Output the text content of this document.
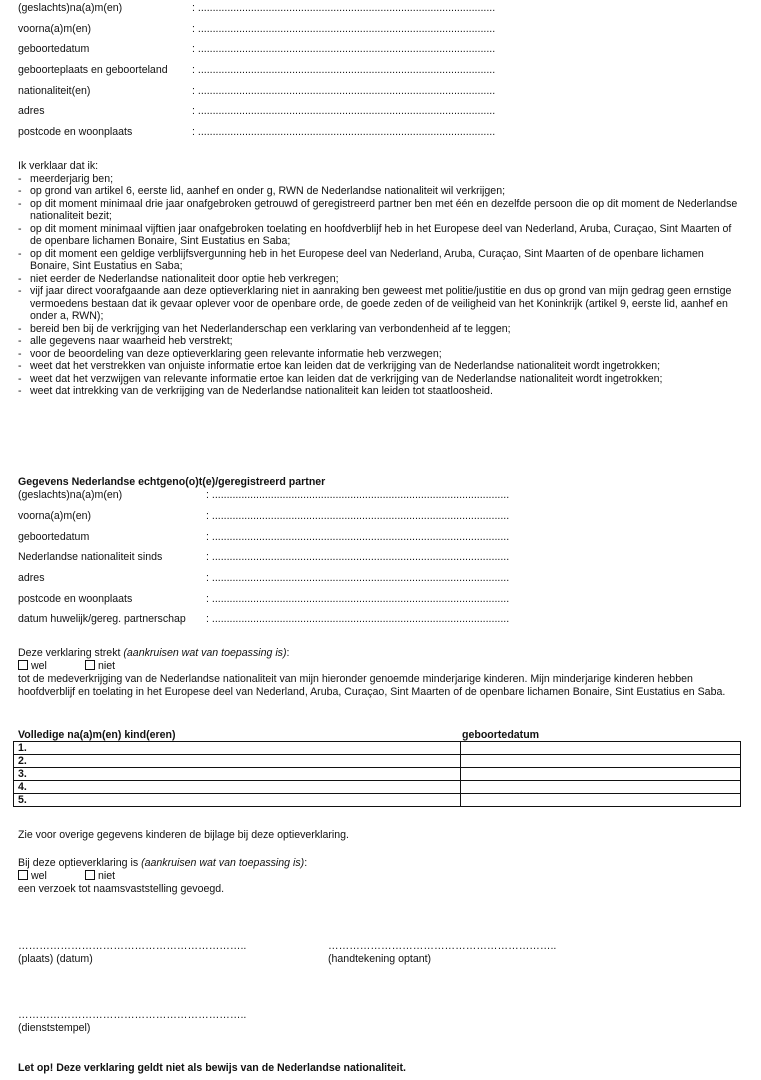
(geslachts)na(a)m(en)	: .....................................................................................................
voorna(a)m(en)	: .....................................................................................................
geboortedatum	: .....................................................................................................
geboorteplaats en geboorteland : .....................................................................................................
nationaliteit(en)	: .....................................................................................................
adres	: .....................................................................................................
postcode en woonplaats	: .....................................................................................................
Ik verklaar dat ik:
- meerderjarig ben;
- op grond van artikel 6, eerste lid, aanhef en onder g, RWN de Nederlandse nationaliteit wil verkrijgen;
- op dit moment minimaal drie jaar onafgebroken getrouwd of geregistreerd partner ben met één en dezelfde persoon die op dit moment de Nederlandse nationaliteit bezit;
- op dit moment minimaal vijftien jaar onafgebroken toelating en hoofdverblijf heb in het Europese deel van Nederland, Aruba, Curaçao, Sint Maarten of de openbare lichamen Bonaire, Sint Eustatius en Saba;
- op dit moment een geldige verblijfsvergunning heb in het Europese deel van Nederland, Aruba, Curaçao, Sint Maarten of de openbare lichamen Bonaire, Sint Eustatius en Saba;
- niet eerder de Nederlandse nationaliteit door optie heb verkregen;
- vijf jaar direct voorafgaande aan deze optieverklaring niet in aanraking ben geweest met politie/justitie en dus op grond van mijn gedrag geen ernstige vermoedens bestaan dat ik gevaar oplever voor de openbare orde, de goede zeden of de veiligheid van het Koninkrijk (artikel 9, eerste lid, aanhef en onder a, RWN);
- bereid ben bij de verkrijging van het Nederlanderschap een verklaring van verbondenheid af te leggen;
- alle gegevens naar waarheid heb verstrekt;
- voor de beoordeling van deze optieverklaring geen relevante informatie heb verzwegen;
- weet dat het verstrekken van onjuiste informatie ertoe kan leiden dat de verkrijging van de Nederlandse nationaliteit wordt ingetrokken;
- weet dat het verzwijgen van relevante informatie ertoe kan leiden dat de verkrijging van de Nederlandse nationaliteit wordt ingetrokken;
- weet dat intrekking van de verkrijging van de Nederlandse nationaliteit kan leiden tot staatloosheid.
Gegevens Nederlandse echtgeno(o)t(e)/geregistreerd partner
(geslachts)na(a)m(en)	: .....................................................................................................
voorna(a)m(en)	: .....................................................................................................
geboortedatum	: .....................................................................................................
Nederlandse nationaliteit sinds	: .....................................................................................................
adres	: .....................................................................................................
postcode en woonplaats	: .....................................................................................................
datum huwelijk/gereg. partnerschap : .....................................................................................................
Deze verklaring strekt (aankruisen wat van toepassing is):
wel	niet
tot de medeverkrijging van de Nederlandse nationaliteit van mijn hieronder genoemde minderjarige kinderen. Mijn minderjarige kinderen hebben hoofdverblijf en toelating in het Europese deel van Nederland, Aruba, Curaçao, Sint Maarten of de openbare lichamen Bonaire, Sint Eustatius en Saba.
Volledige na(a)m(en) kind(eren)	geboortedatum
1.	
2.	
3.	
4.	
5.	
Zie voor overige gegevens kinderen de bijlage bij deze optieverklaring.
Bij deze optieverklaring is (aankruisen wat van toepassing is):
wel	niet
een verzoek tot naamsvaststelling gevoegd.
………………………………………………………..
(plaats) (datum)
………………………………………………………..
(handtekening optant)
………………………………………………………..
(dienststempel)
Let op! Deze verklaring geldt niet als bewijs van de Nederlandse nationaliteit.
